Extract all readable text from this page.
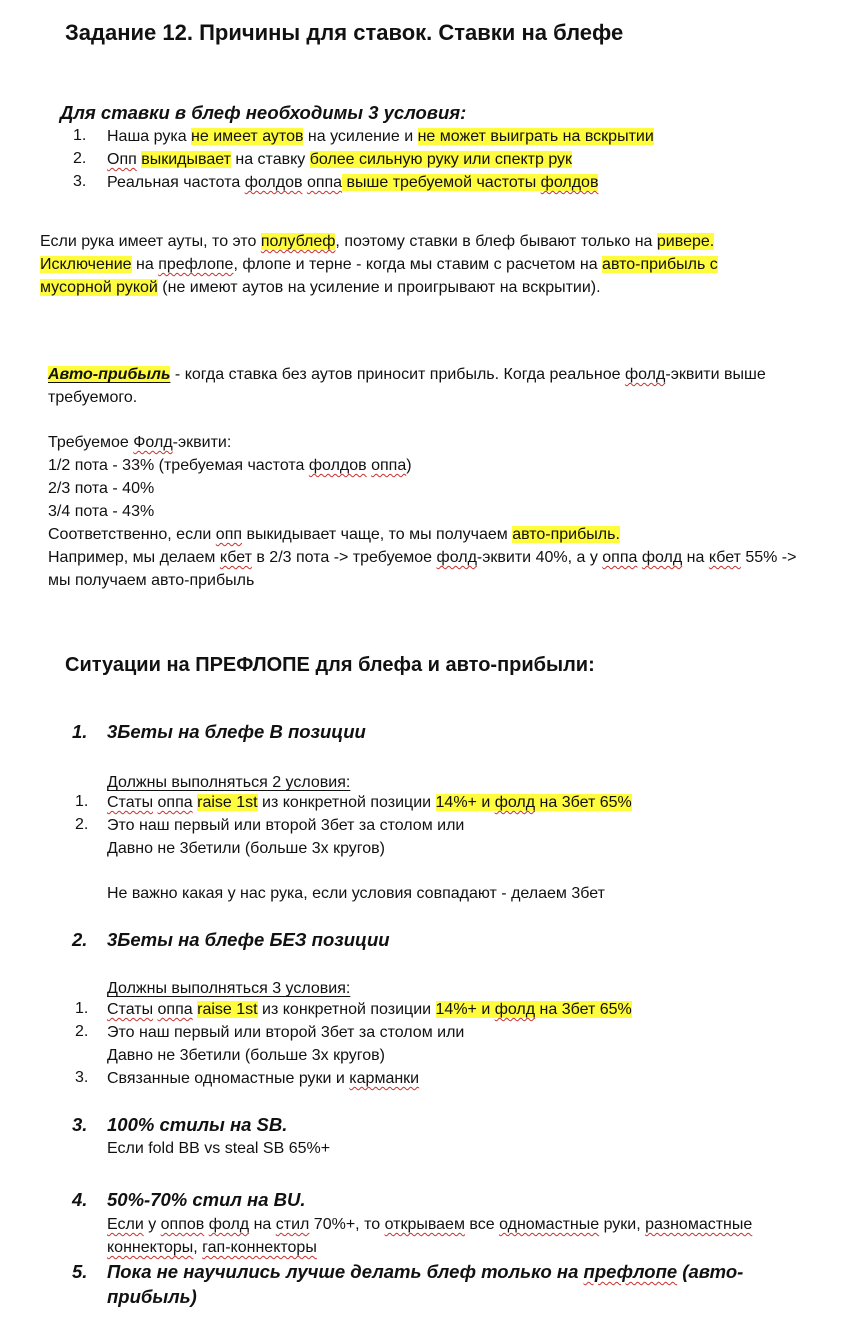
Задание 12. Причины для ставок. Ставки на блефе
Для ставки в блеф необходимы 3 условия:
1. Наша рука не имеет аутов на усиление и не может выиграть на вскрытии
2. Опп выкидывает на ставку более сильную руку или спектр рук
3. Реальная частота фолдов оппа выше требуемой частоты фолдов
Если рука имеет ауты, то это полублеф, поэтому ставки в блеф бывают только на ривере.
Исключение на префлопе, флопе и терне - когда мы ставим с расчетом на авто-прибыль с
мусорной рукой (не имеют аутов на усиление и проигрывают на вскрытии).
Авто-прибыль - когда ставка без аутов приносит прибыль. Когда реальное фолд-эквити выше
требуемого.
Требуемое Фолд-эквити:
1/2 пота - 33% (требуемая частота фолдов оппа)
2/3 пота - 40%
3/4 пота - 43%
Соответственно, если опп выкидывает чаще, то мы получаем авто-прибыль.
Например, мы делаем кбет в 2/3 пота -> требуемое фолд-эквити 40%, а у оппа фолд на кбет 55% ->
мы получаем авто-прибыль
Ситуации на ПРЕФЛОПЕ для блефа и авто-прибыли:
1. 3Беты на блефе В позиции
Должны выполняться 2 условия:
1. Статы оппа raise 1st из конкретной позиции 14%+ и фолд на 3бет 65%
2. Это наш первый или второй 3бет за столом или
Давно не 3бетили (больше 3х кругов)
Не важно какая у нас рука, если условия совпадают - делаем 3бет
2. 3Беты на блефе БЕЗ позиции
Должны выполняться 3 условия:
1. Статы оппа raise 1st из конкретной позиции 14%+ и фолд на 3бет 65%
2. Это наш первый или второй 3бет за столом или
Давно не 3бетили (больше 3х кругов)
3. Связанные одномастные руки и карманки
3. 100% стилы на SB.
Если fold BB vs steal SB 65%+
4. 50%-70% стил на BU.
Если у оппов фолд на стил 70%+, то открываем все одномастные руки, разномастные
коннекторы, гап-коннекторы
5. Пока не научились лучше делать блеф только на префлопе (авто-
прибыль)
